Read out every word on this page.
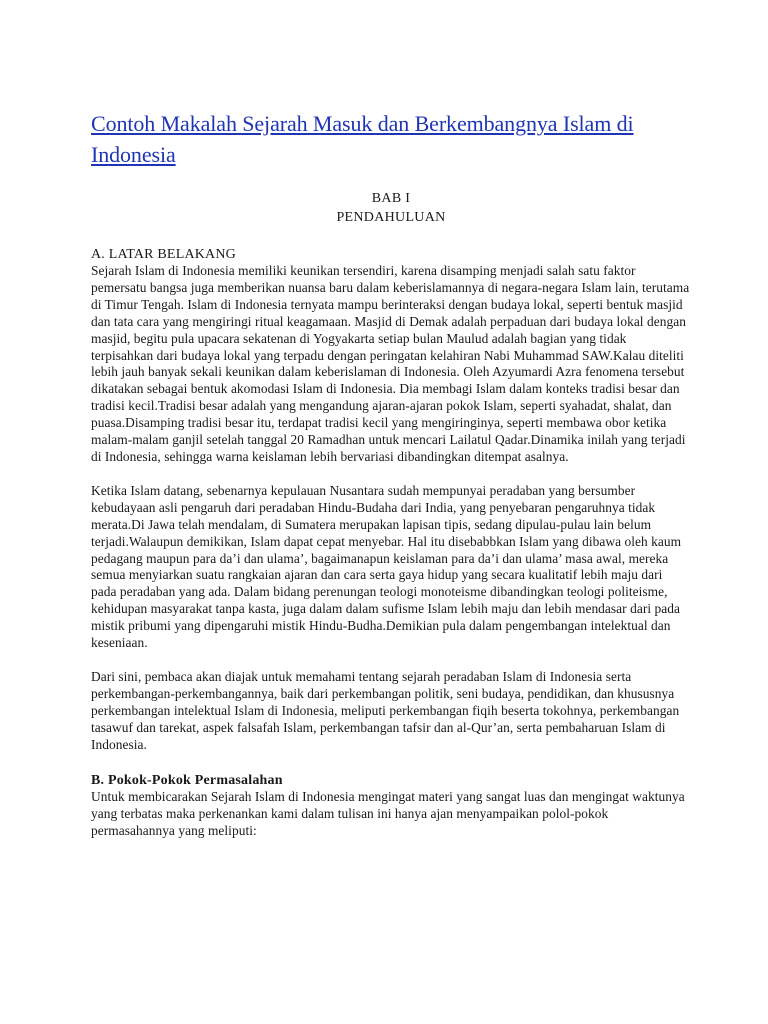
Contoh Makalah Sejarah Masuk dan Berkembangnya Islam di Indonesia
BAB I
PENDAHULUAN
A. LATAR BELAKANG

Sejarah Islam di Indonesia memiliki keunikan tersendiri, karena disamping menjadi salah satu faktor pemersatu bangsa juga memberikan nuansa baru dalam keberislamannya di negara-negara Islam lain, terutama di Timur Tengah. Islam di Indonesia ternyata mampu berinteraksi dengan budaya lokal, seperti bentuk masjid dan tata cara yang mengiringi ritual keagamaan. Masjid di Demak adalah perpaduan dari budaya lokal dengan masjid, begitu pula upacara sekatenan di Yogyakarta setiap bulan Maulud adalah bagian yang tidak terpisahkan dari budaya lokal yang terpadu dengan peringatan kelahiran Nabi Muhammad SAW.Kalau diteliti lebih jauh banyak sekali keunikan dalam keberislaman di Indonesia. Oleh Azyumardi Azra fenomena tersebut dikatakan sebagai bentuk akomodasi Islam di Indonesia. Dia membagi Islam dalam konteks tradisi besar dan tradisi kecil.Tradisi besar adalah yang mengandung ajaran-ajaran pokok Islam, seperti syahadat, shalat, dan puasa.Disamping tradisi besar itu, terdapat tradisi kecil yang mengiringinya, seperti membawa obor ketika malam-malam ganjil setelah tanggal 20 Ramadhan untuk mencari Lailatul Qadar.Dinamika inilah yang terjadi di Indonesia, sehingga warna keislaman lebih bervariasi dibandingkan ditempat asalnya.

Ketika Islam datang, sebenarnya kepulauan Nusantara sudah mempunyai peradaban yang bersumber kebudayaan asli pengaruh dari peradaban Hindu-Budaha dari India, yang penyebaran pengaruhnya tidak merata.Di Jawa telah mendalam, di Sumatera merupakan lapisan tipis, sedang dipulau-pulau lain belum terjadi.Walaupun demikikan, Islam dapat cepat menyebar. Hal itu disebabbkan Islam yang dibawa oleh kaum pedagang maupun para da’i dan ulama’, bagaimanapun keislaman para da’i dan ulama’ masa awal, mereka semua menyiarkan suatu rangkaian ajaran dan cara serta gaya hidup yang secara kualitatif lebih maju dari pada peradaban yang ada. Dalam bidang perenungan teologi monoteisme dibandingkan teologi politeisme, kehidupan masyarakat tanpa kasta, juga dalam dalam sufisme Islam lebih maju dan lebih mendasar dari pada mistik pribumi yang dipengaruhi mistik Hindu-Budha.Demikian pula dalam pengembangan intelektual dan keseniaan.

Dari sini, pembaca akan diajak untuk memahami tentang sejarah peradaban Islam di Indonesia serta perkembangan-perkembangannya, baik dari perkembangan politik, seni budaya, pendidikan, dan khususnya perkembangan intelektual Islam di Indonesia, meliputi perkembangan fiqih beserta tokohnya, perkembangan tasawuf dan tarekat, aspek falsafah Islam, perkembangan tafsir dan al-Qur’an, serta pembaharuan Islam di Indonesia.

B. Pokok-Pokok Permasalahan

Untuk membicarakan Sejarah Islam di Indonesia mengingat materi yang sangat luas dan mengingat waktunya yang terbatas maka perkenankan kami dalam tulisan ini hanya ajan menyampaikan polol-pokok permasahannya yang meliputi:
